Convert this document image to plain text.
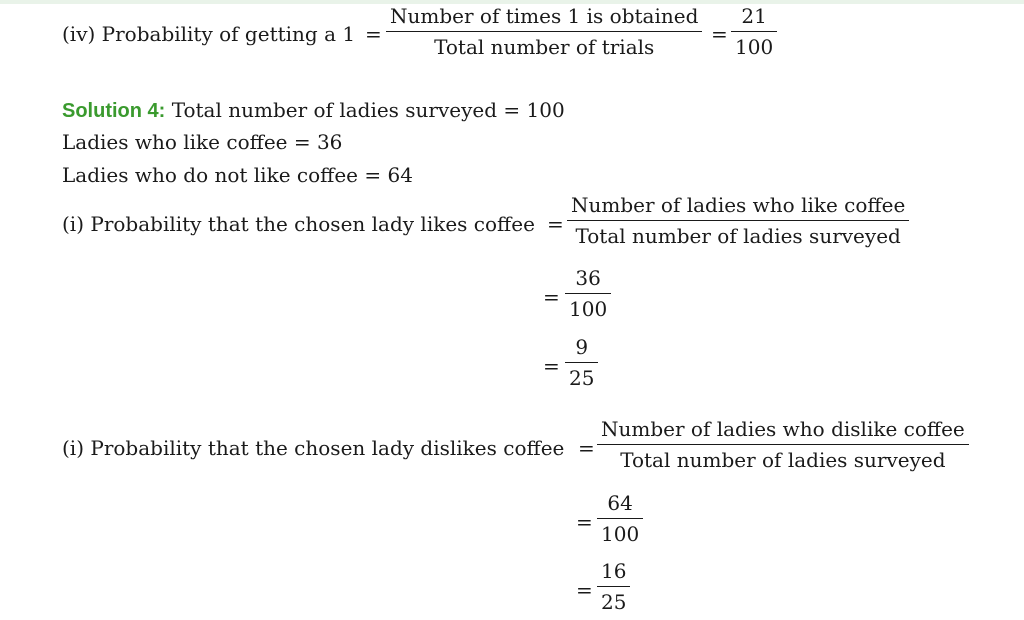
(iv) Probability of getting a 1 =
Number of times 1 is obtained
Total number of trials
=
21
100
Solution 4: Total number of ladies surveyed = 100
Ladies who like coffee = 36
Ladies who do not like coffee = 64
(i) Probability that the chosen lady likes coffee =
Number of ladies who like coffee
Total number of ladies surveyed
=
36
100
=
9
25
(i) Probability that the chosen lady dislikes coffee =
Number of ladies who dislike coffee
Total number of ladies surveyed
=
64
100
=
16
25
